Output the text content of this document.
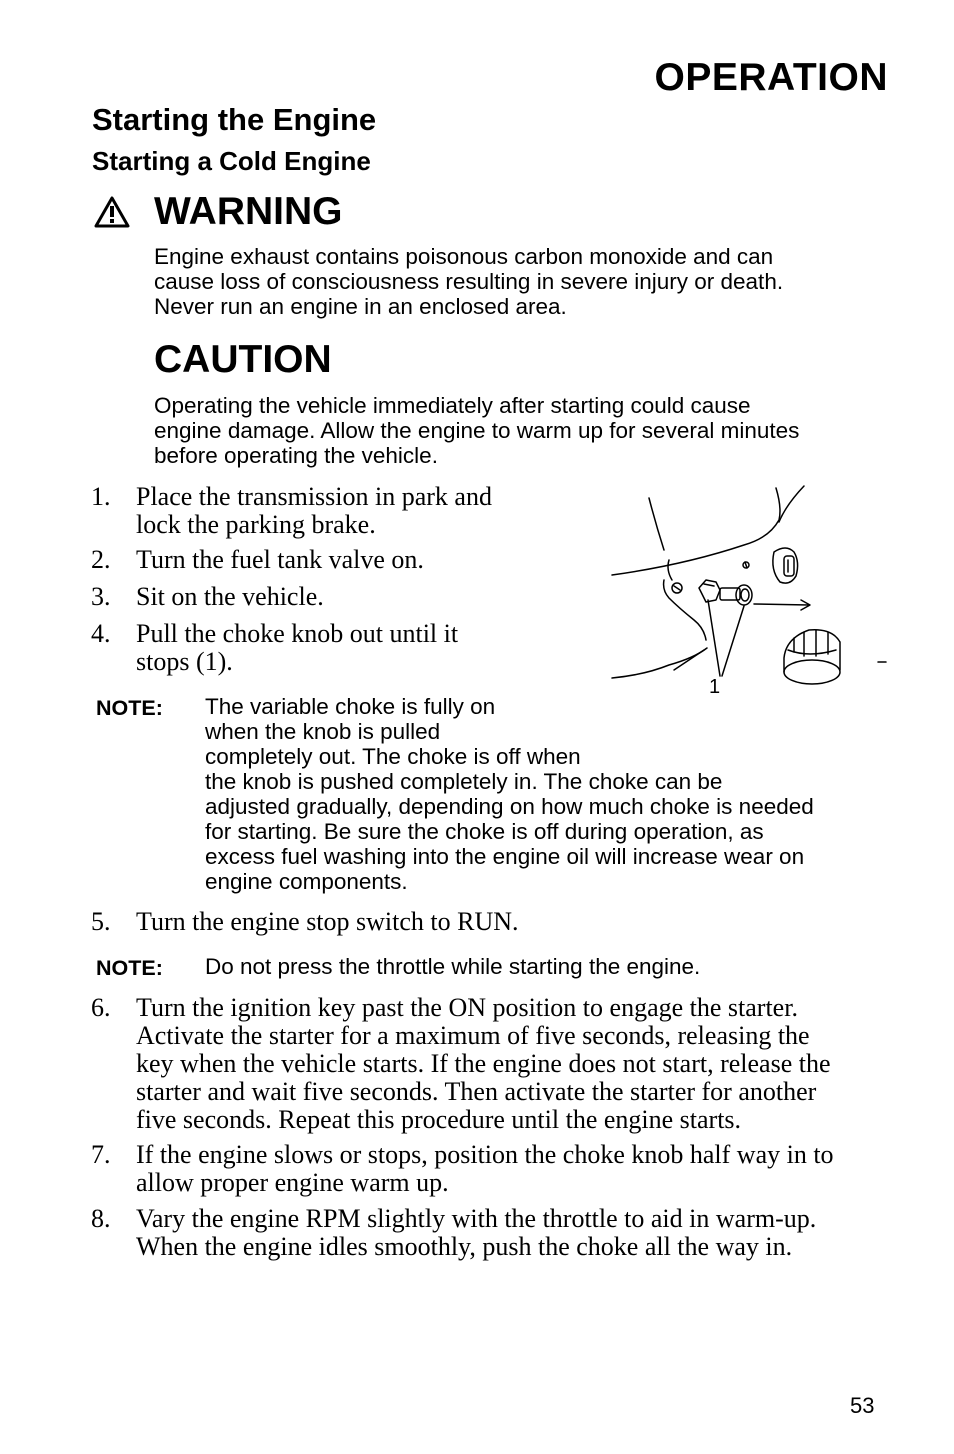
OPERATION
Starting the Engine
Starting a Cold Engine
WARNING
Engine exhaust contains poisonous carbon monoxide and can
cause loss of consciousness resulting in severe injury or death.
Never run an engine in an enclosed area.
CAUTION
Operating the vehicle immediately after starting could cause
engine damage. Allow the engine to warm up for several minutes
before operating the vehicle.
1. Place the transmission in park and
lock the parking brake.
2. Turn the fuel tank valve on.
3. Sit on the vehicle.
4. Pull the choke knob out until it
stops (1).
NOTE: The variable choke is fully on
when the knob is pulled
completely out. The choke is off when
the knob is pushed completely in. The choke can be
adjusted gradually, depending on how much choke is needed
for starting. Be sure the choke is off during operation, as
excess fuel washing into the engine oil will increase wear on
engine components.
5. Turn the engine stop switch to RUN.
NOTE: Do not press the throttle while starting the engine.
6. Turn the ignition key past the ON position to engage the starter.
Activate the starter for a maximum of five seconds, releasing the
key when the vehicle starts. If the engine does not start, release the
starter and wait five seconds. Then activate the starter for another
five seconds. Repeat this procedure until the engine starts.
7. If the engine slows or stops, position the choke knob half way in to
allow proper engine warm up.
8. Vary the engine RPM slightly with the throttle to aid in warm-up.
When the engine idles smoothly, push the choke all the way in.
1
53
